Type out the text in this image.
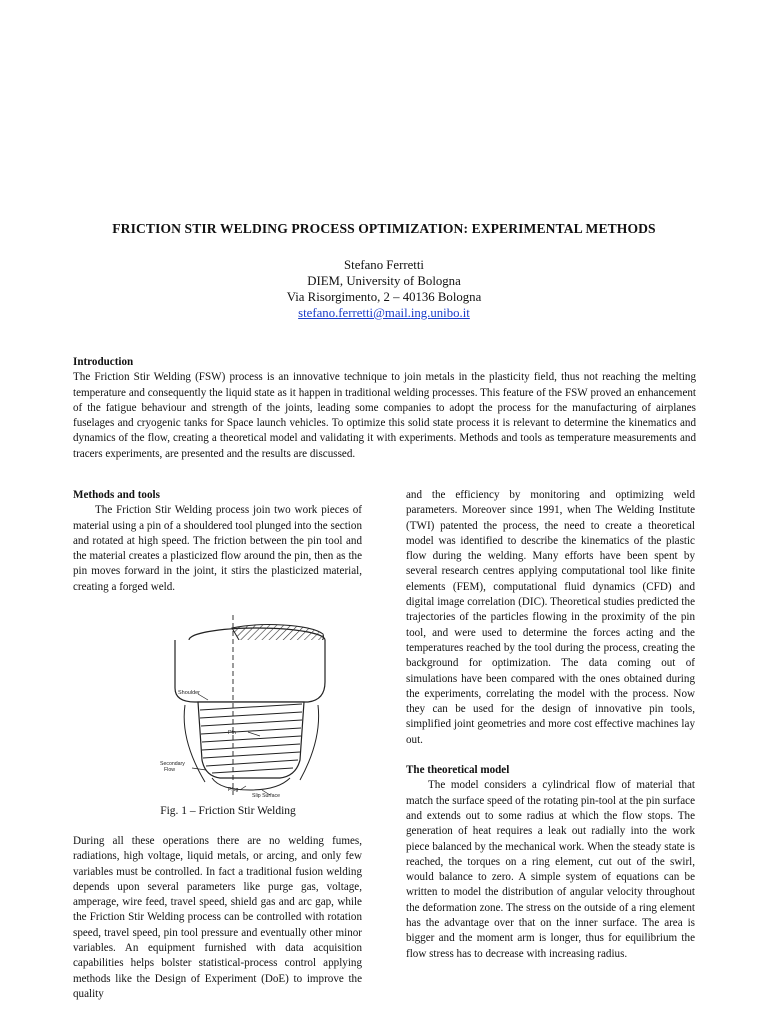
FRICTION STIR WELDING PROCESS OPTIMIZATION: EXPERIMENTAL METHODS
Stefano Ferretti
DIEM, University of Bologna
Via Risorgimento, 2 – 40136 Bologna
stefano.ferretti@mail.ing.unibo.it

Introduction

The Friction Stir Welding (FSW) process is an innovative technique to join metals in the plasticity field, thus not reaching the melting temperature and consequently the liquid state as it happen in traditional welding processes. This feature of the FSW proved an enhancement of the fatigue behaviour and strength of the joints, leading some companies to adopt the process for the manufacturing of airplanes fuselages and cryogenic tanks for Space launch vehicles. To optimize this solid state process it is relevant to determine the kinematics and dynamics of the flow, creating a theoretical model and validating it with experiments. Methods and tools as temperature measurements and tracers experiments, are presented and the results are discussed.

Methods and tools

The Friction Stir Welding process join two work pieces of material using a pin of a shouldered tool plunged into the section and rotated at high speed. The friction between the pin tool and the material creates a plasticized flow around the pin, then as the pin moves forward in the joint, it stirs the plasticized material, creating a forged weld.

Shoulder
Pin
Secondary Flow
Plug
Slip Surface
Fig. 1 – Friction Stir Welding

During all these operations there are no welding fumes, radiations, high voltage, liquid metals, or arcing, and only few variables must be controlled. In fact a traditional fusion welding depends upon several parameters like purge gas, voltage, amperage, wire feed, travel speed, shield gas and arc gap, while the Friction Stir Welding process can be controlled with rotation speed, travel speed, pin tool pressure and eventually other minor variables. An equipment furnished with data acquisition capabilities helps bolster statistical-process control applying methods like the Design of Experiment (DoE) to improve the quality

and the efficiency by monitoring and optimizing weld parameters. Moreover since 1991, when The Welding Institute (TWI) patented the process, the need to create a theoretical model was identified to describe the kinematics of the plastic flow during the welding. Many efforts have been spent by several research centres applying computational tool like finite elements (FEM), computational fluid dynamics (CFD) and digital image correlation (DIC). Theoretical studies predicted the trajectories of the particles flowing in the proximity of the pin tool, and were used to determine the forces acting and the temperatures reached by the tool during the process, creating the background for optimization. The data coming out of simulations have been compared with the ones obtained during the experiments, correlating the model with the process. Now they can be used for the design of innovative pin tools, simplified joint geometries and more cost effective machines lay out.

The theoretical model

The model considers a cylindrical flow of material that match the surface speed of the rotating pin-tool at the pin surface and extends out to some radius at which the flow stops. The generation of heat requires a leak out radially into the work piece balanced by the mechanical work. When the steady state is reached, the torques on a ring element, cut out of the swirl, would balance to zero. A simple system of equations can be written to model the distribution of angular velocity throughout the deformation zone. The stress on the outside of a ring element has the advantage over that on the inner surface. The area is bigger and the moment arm is longer, thus for equilibrium the flow stress has to decrease with increasing radius.
